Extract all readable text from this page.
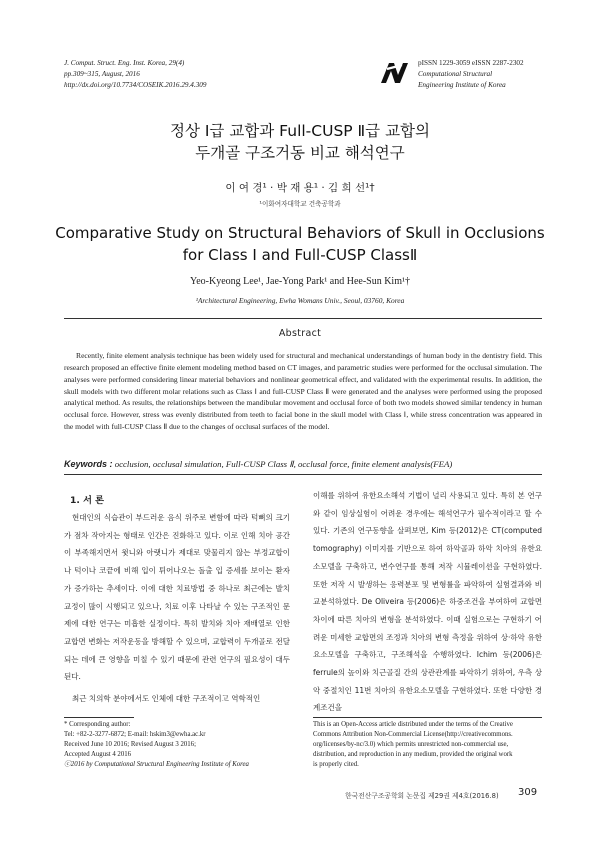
J. Comput. Struct. Eng. Inst. Korea, 29(4)
pp.309~315, August, 2016
http://dx.doi.org/10.7734/COSEIK.2016.29.4.309
pISSN 1229-3059 eISSN 2287-2302
Computational Structural
Engineering Institute of Korea
정상 Ⅰ급 교합과 Full-CUSP Ⅱ급 교합의
두개골 구조거동 비교 해석연구
이 여 경¹ · 박 재 용¹ · 김 희 선¹†
¹이화여자대학교 건축공학과
Comparative Study on Structural Behaviors of Skull in Occlusions
for Class Ⅰ and Full-CUSP ClassⅡ
Yeo-Kyeong Lee¹, Jae-Yong Park¹ and Hee-Sun Kim¹†
¹Architectural Engineering, Ewha Womans Univ., Seoul, 03760, Korea
Abstract
Recently, finite element analysis technique has been widely used for structural and mechanical understandings of human body in the dentistry field. This research proposed an effective finite element modeling method based on CT images, and parametric studies were performed for the occlusal simulation. The analyses were performed considering linear material behaviors and nonlinear geometrical effect, and validated with the experimental results. In addition, the skull models with two different molar relations such as Class Ⅰ and full-CUSP Class Ⅱ were generated and the analyses were performed using the proposed analytical method. As results, the relationships between the mandibular movement and occlusal force of both two models showed similar tendency in human occlusal force. However, stress was evenly distributed from teeth to facial bone in the skull model with Class Ⅰ, while stress concentration was appeared in the model with full-CUSP Class Ⅱ due to the changes of occlusal surfaces of the model.
Keywords : occlusion, occlusal simulation, Full-CUSP Class Ⅱ, occlusal force, finite element analysis(FEA)
1. 서 론

현대인의 식습관이 부드러운 음식 위주로 변함에 따라 턱뼈의 크기가 점차 작아지는 형태로 인간은 진화하고 있다. 이로 인해 치아 공간이 부족해지면서 윗니와 아랫니가 제대로 맞물리지 않는 부정교합이나 턱이나 코끝에 비해 입이 튀어나오는 돌출 입 증세를 보이는 환자가 증가하는 추세이다. 이에 대한 치료방법 중 하나로 최근에는 발치 교정이 많이 시행되고 있으나, 치료 이후 나타날 수 있는 구조적인 문제에 대한 연구는 미흡한 실정이다. 특히 발치와 치아 재배열로 인한 교합면 변화는 저작운동을 방해할 수 있으며, 교합력이 두개골로 전달되는 데에 큰 영향을 미칠 수 있기 때문에 관련 연구의 필요성이 대두된다.

최근 치의학 분야에서도 인체에 대한 구조적이고 역학적인

이해를 위하여 유한요소해석 기법이 널리 사용되고 있다. 특히 본 연구와 같이 임상실험이 어려운 경우에는 해석연구가 필수적이라고 할 수 있다. 기존의 연구동향을 살펴보면, Kim 등(2012)은 CT(computed tomography) 이미지를 기반으로 하여 하악골과 하악 치아의 유한요소모델을 구축하고, 변수연구를 통해 저작 시뮬레이션을 구현하였다. 또한 저작 시 발생하는 응력분포 및 변형률을 파악하여 실험결과와 비교분석하였다. De Oliveira 등(2006)은 하중조건을 부여하여 교합면 차이에 따른 치아의 변형을 분석하였다. 이때 실험으로는 구현하기 어려운 미세한 교합면의 조정과 치아의 변형 측정을 위하여 상·하악 유한요소모델을 구축하고, 구조해석을 수행하였다. Ichim 등(2006)은 ferrule의 높이와 치근골질 간의 상관관계를 파악하기 위하여, 우측 상악 중절치인 11번 치아의 유한요소모델을 구현하였다. 또한 다양한 경계조건을

* Corresponding author:
Tel: +82-2-3277-6872; E-mail: hskim3@ewha.ac.kr
Received June 10 2016; Revised August 3 2016;
Accepted August 4 2016
ⓒ2016 by Computational Structural Engineering Institute of Korea
This is an Open-Access article distributed under the terms of the Creative
Commons Attribution Non-Commercial License(http://creativecommons.
org/licenses/by-nc/3.0) which permits unrestricted non-commercial use,
distribution, and reproduction in any medium, provided the original work
is properly cited.
한국전산구조공학회 논문집 제29권 제4호(2016.8) 309
